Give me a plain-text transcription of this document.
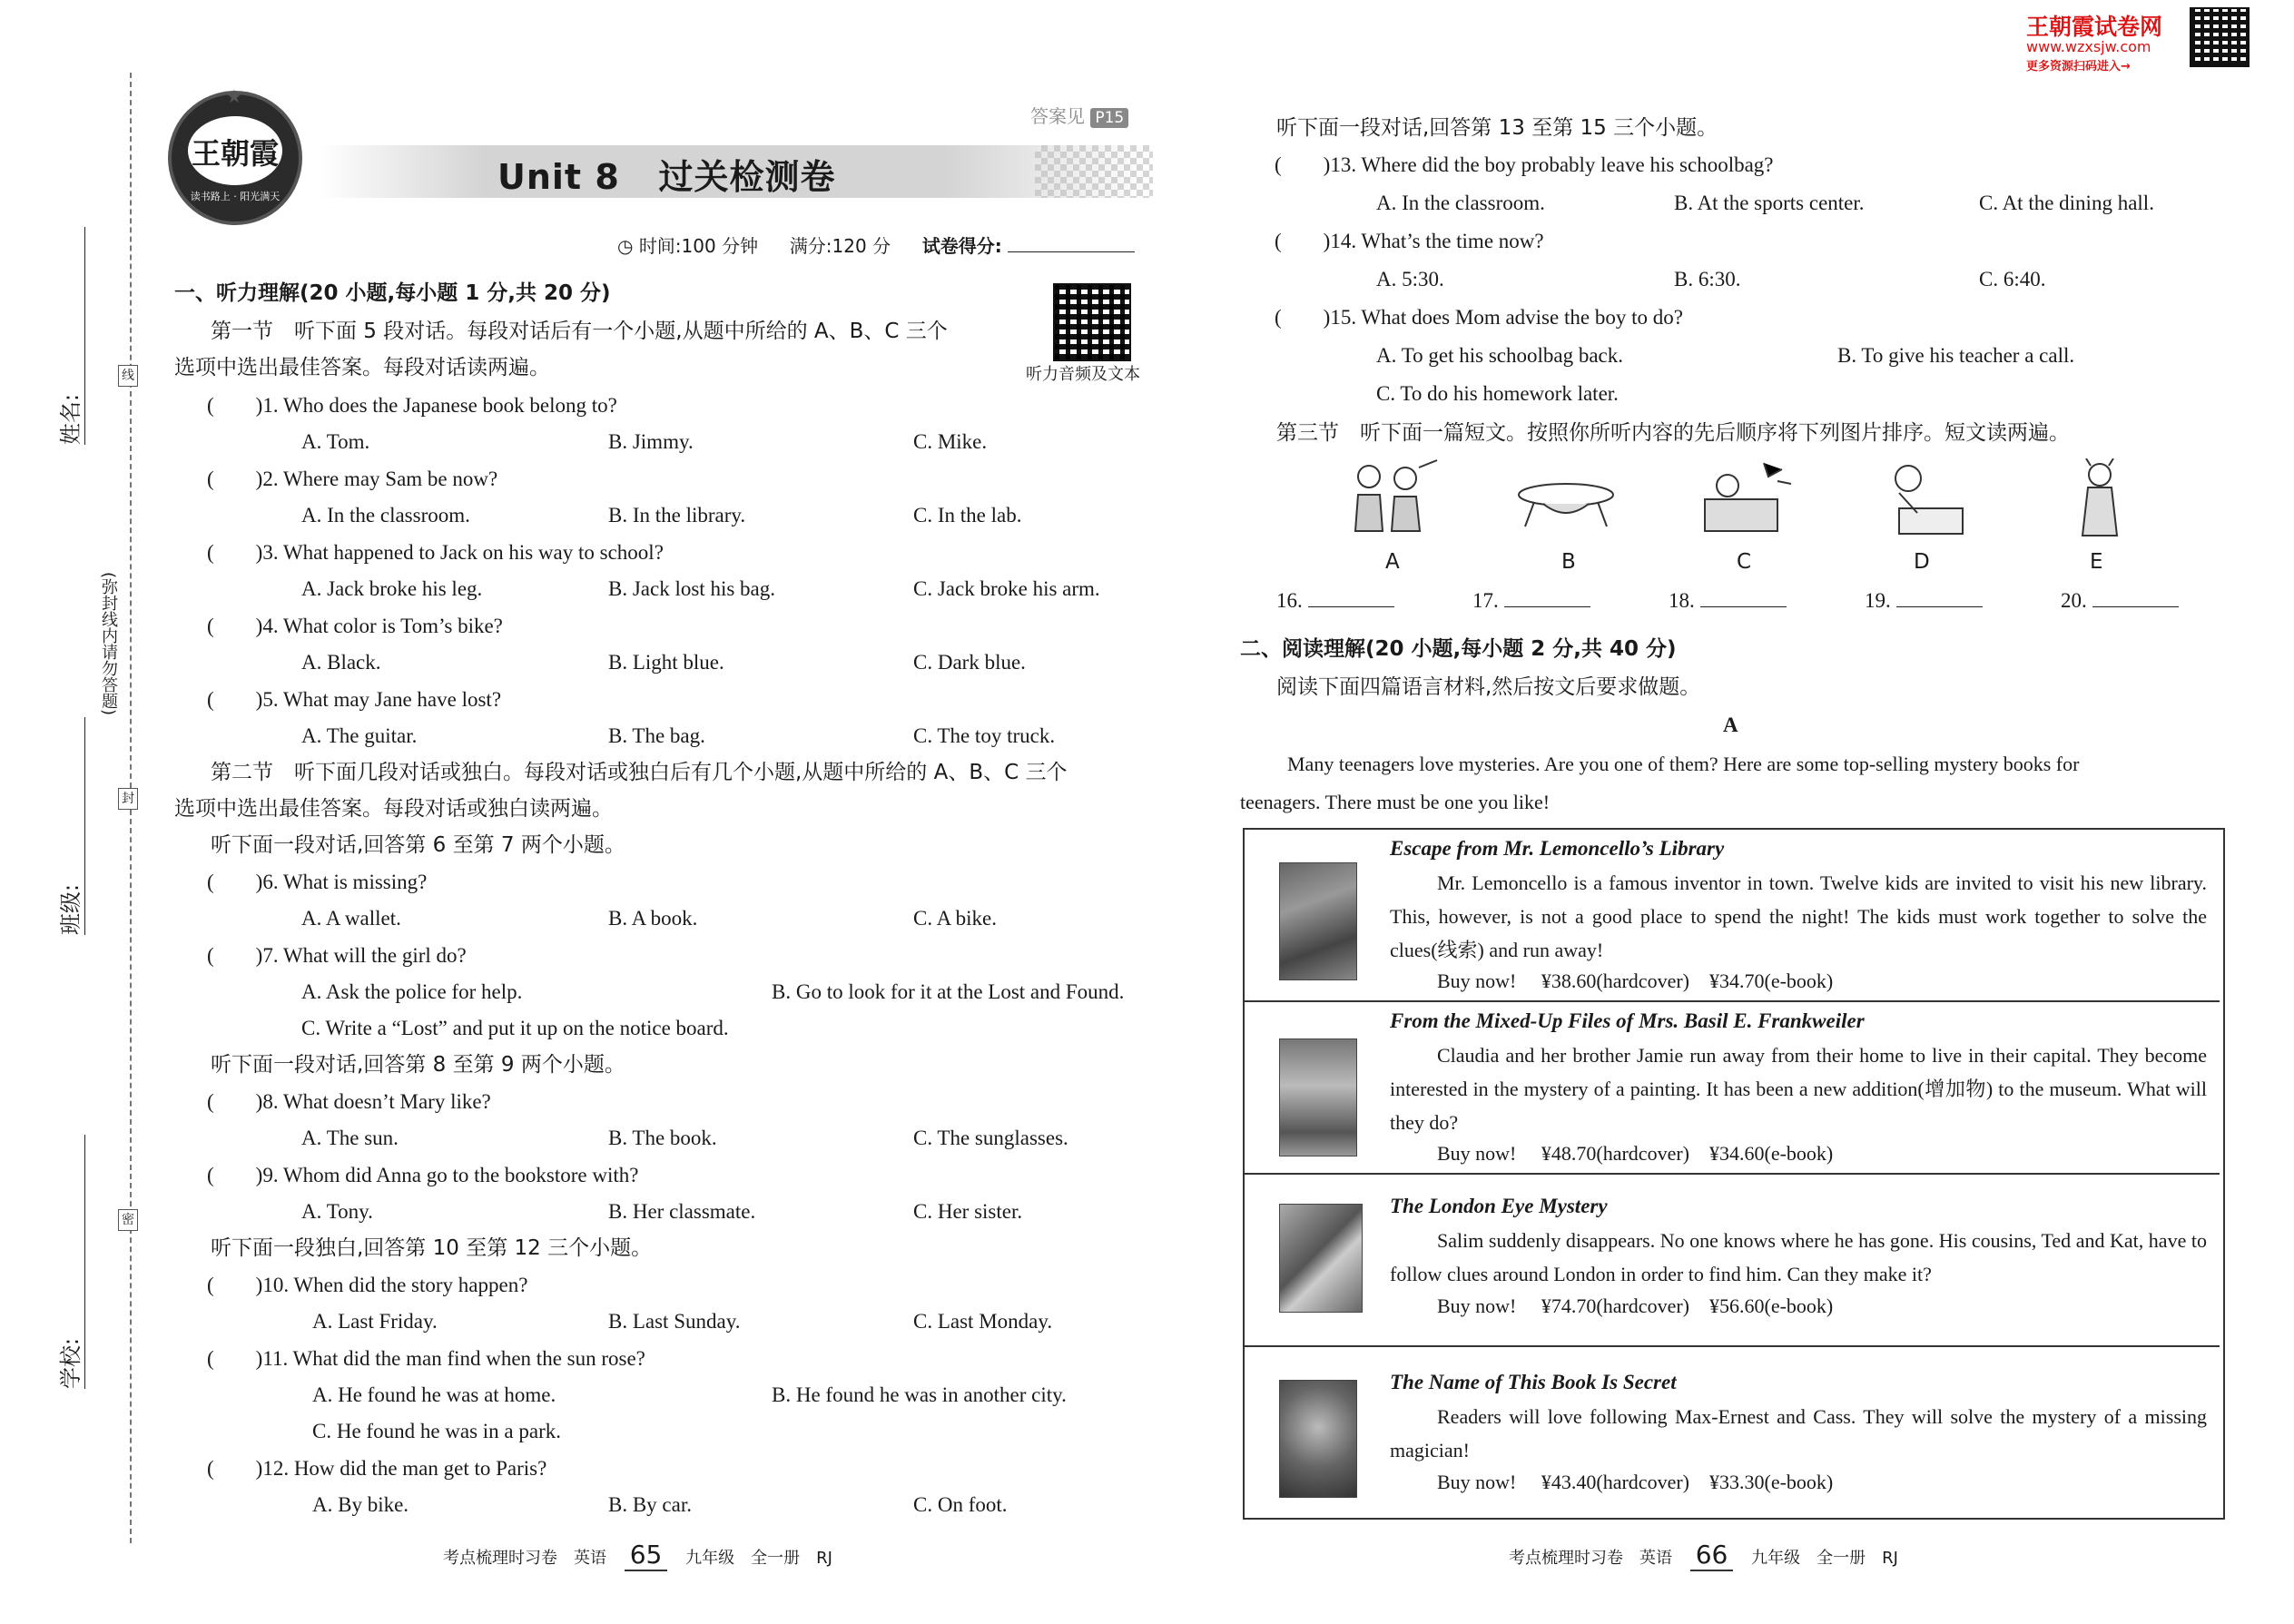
姓名:
班级:
学校:
(弥封线内请勿答题)
线
封
密
王朝霞
读书路上 · 阳光满天
★
答案见 P15
Unit 8   过关检测卷
◷ 时间:100 分钟 满分:120 分 试卷得分:
听力音频及文本
一、听力理解(20 小题,每小题 1 分,共 20 分)
第一节　听下面 5 段对话。每段对话后有一个小题,从题中所给的 A、B、C 三个
选项中选出最佳答案。每段对话读两遍。
(　　)1. Who does the Japanese book belong to?
A. Tom.	B. Jimmy.	C. Mike.
(　　)2. Where may Sam be now?
A. In the classroom.	B. In the library.	C. In the lab.
(　　)3. What happened to Jack on his way to school?
A. Jack broke his leg.	B. Jack lost his bag.	C. Jack broke his arm.
(　　)4. What color is Tom’s bike?
A. Black.	B. Light blue.	C. Dark blue.
(　　)5. What may Jane have lost?
A. The guitar.	B. The bag.	C. The toy truck.
第二节　听下面几段对话或独白。每段对话或独白后有几个小题,从题中所给的 A、B、C 三个
选项中选出最佳答案。每段对话或独白读两遍。
听下面一段对话,回答第 6 至第 7 两个小题。
(　　)6. What is missing?
A. A wallet.	B. A book.	C. A bike.
(　　)7. What will the girl do?
A. Ask the police for help.	B. Go to look for it at the Lost and Found.
C. Write a “Lost” and put it up on the notice board.
听下面一段对话,回答第 8 至第 9 两个小题。
(　　)8. What doesn’t Mary like?
A. The sun.	B. The book.	C. The sunglasses.
(　　)9. Whom did Anna go to the bookstore with?
A. Tony.	B. Her classmate.	C. Her sister.
听下面一段独白,回答第 10 至第 12 三个小题。
(　　)10. When did the story happen?
A. Last Friday.	B. Last Sunday.	C. Last Monday.
(　　)11. What did the man find when the sun rose?
A. He found he was at home.	B. He found he was in another city.
C. He found he was in a park.
(　　)12. How did the man get to Paris?
A. By bike.	B. By car.	C. On foot.
考点梳理时习卷　英语 65 九年级　全一册　RJ
王朝霞试卷网
www.wzxsjw.com
更多资源扫码进入→
听下面一段对话,回答第 13 至第 15 三个小题。
(　　)13. Where did the boy probably leave his schoolbag?
A. In the classroom.	B. At the sports center.	C. At the dining hall.
(　　)14. What’s the time now?
A. 5:30.	B. 6:30.	C. 6:40.
(　　)15. What does Mom advise the boy to do?
A. To get his schoolbag back.	B. To give his teacher a call.
C. To do his homework later.
第三节　听下面一篇短文。按照你所听内容的先后顺序将下列图片排序。短文读两遍。
A	B	C	D	E
16.	17.	18.	19.	20.
二、阅读理解(20 小题,每小题 2 分,共 40 分)
阅读下面四篇语言材料,然后按文后要求做题。
A
Many teenagers love mysteries. Are you one of them? Here are some top-selling mystery books for
teenagers. There must be one you like!
Escape from Mr. Lemoncello’s Library
Mr. Lemoncello is a famous inventor in town. Twelve kids are invited to visit his new library. This, however, is not a good place to spend the night! The kids must work together to solve the clues(线索) and run away!
Buy now!　 ¥38.60(hardcover)　¥34.70(e-book)
From the Mixed-Up Files of Mrs. Basil E. Frankweiler
Claudia and her brother Jamie run away from their home to live in their capital. They become interested in the mystery of a painting. It has been a new addition(增加物) to the museum. What will they do?
Buy now!　 ¥48.70(hardcover)　¥34.60(e-book)
The London Eye Mystery
Salim suddenly disappears. No one knows where he has gone. His cousins, Ted and Kat, have to follow clues around London in order to find him. Can they make it?
Buy now!　 ¥74.70(hardcover)　¥56.60(e-book)
The Name of This Book Is Secret
Readers will love following Max-Ernest and Cass. They will solve the mystery of a missing magician!
Buy now!　 ¥43.40(hardcover)　¥33.30(e-book)
考点梳理时习卷　英语 66 九年级　全一册　RJ
